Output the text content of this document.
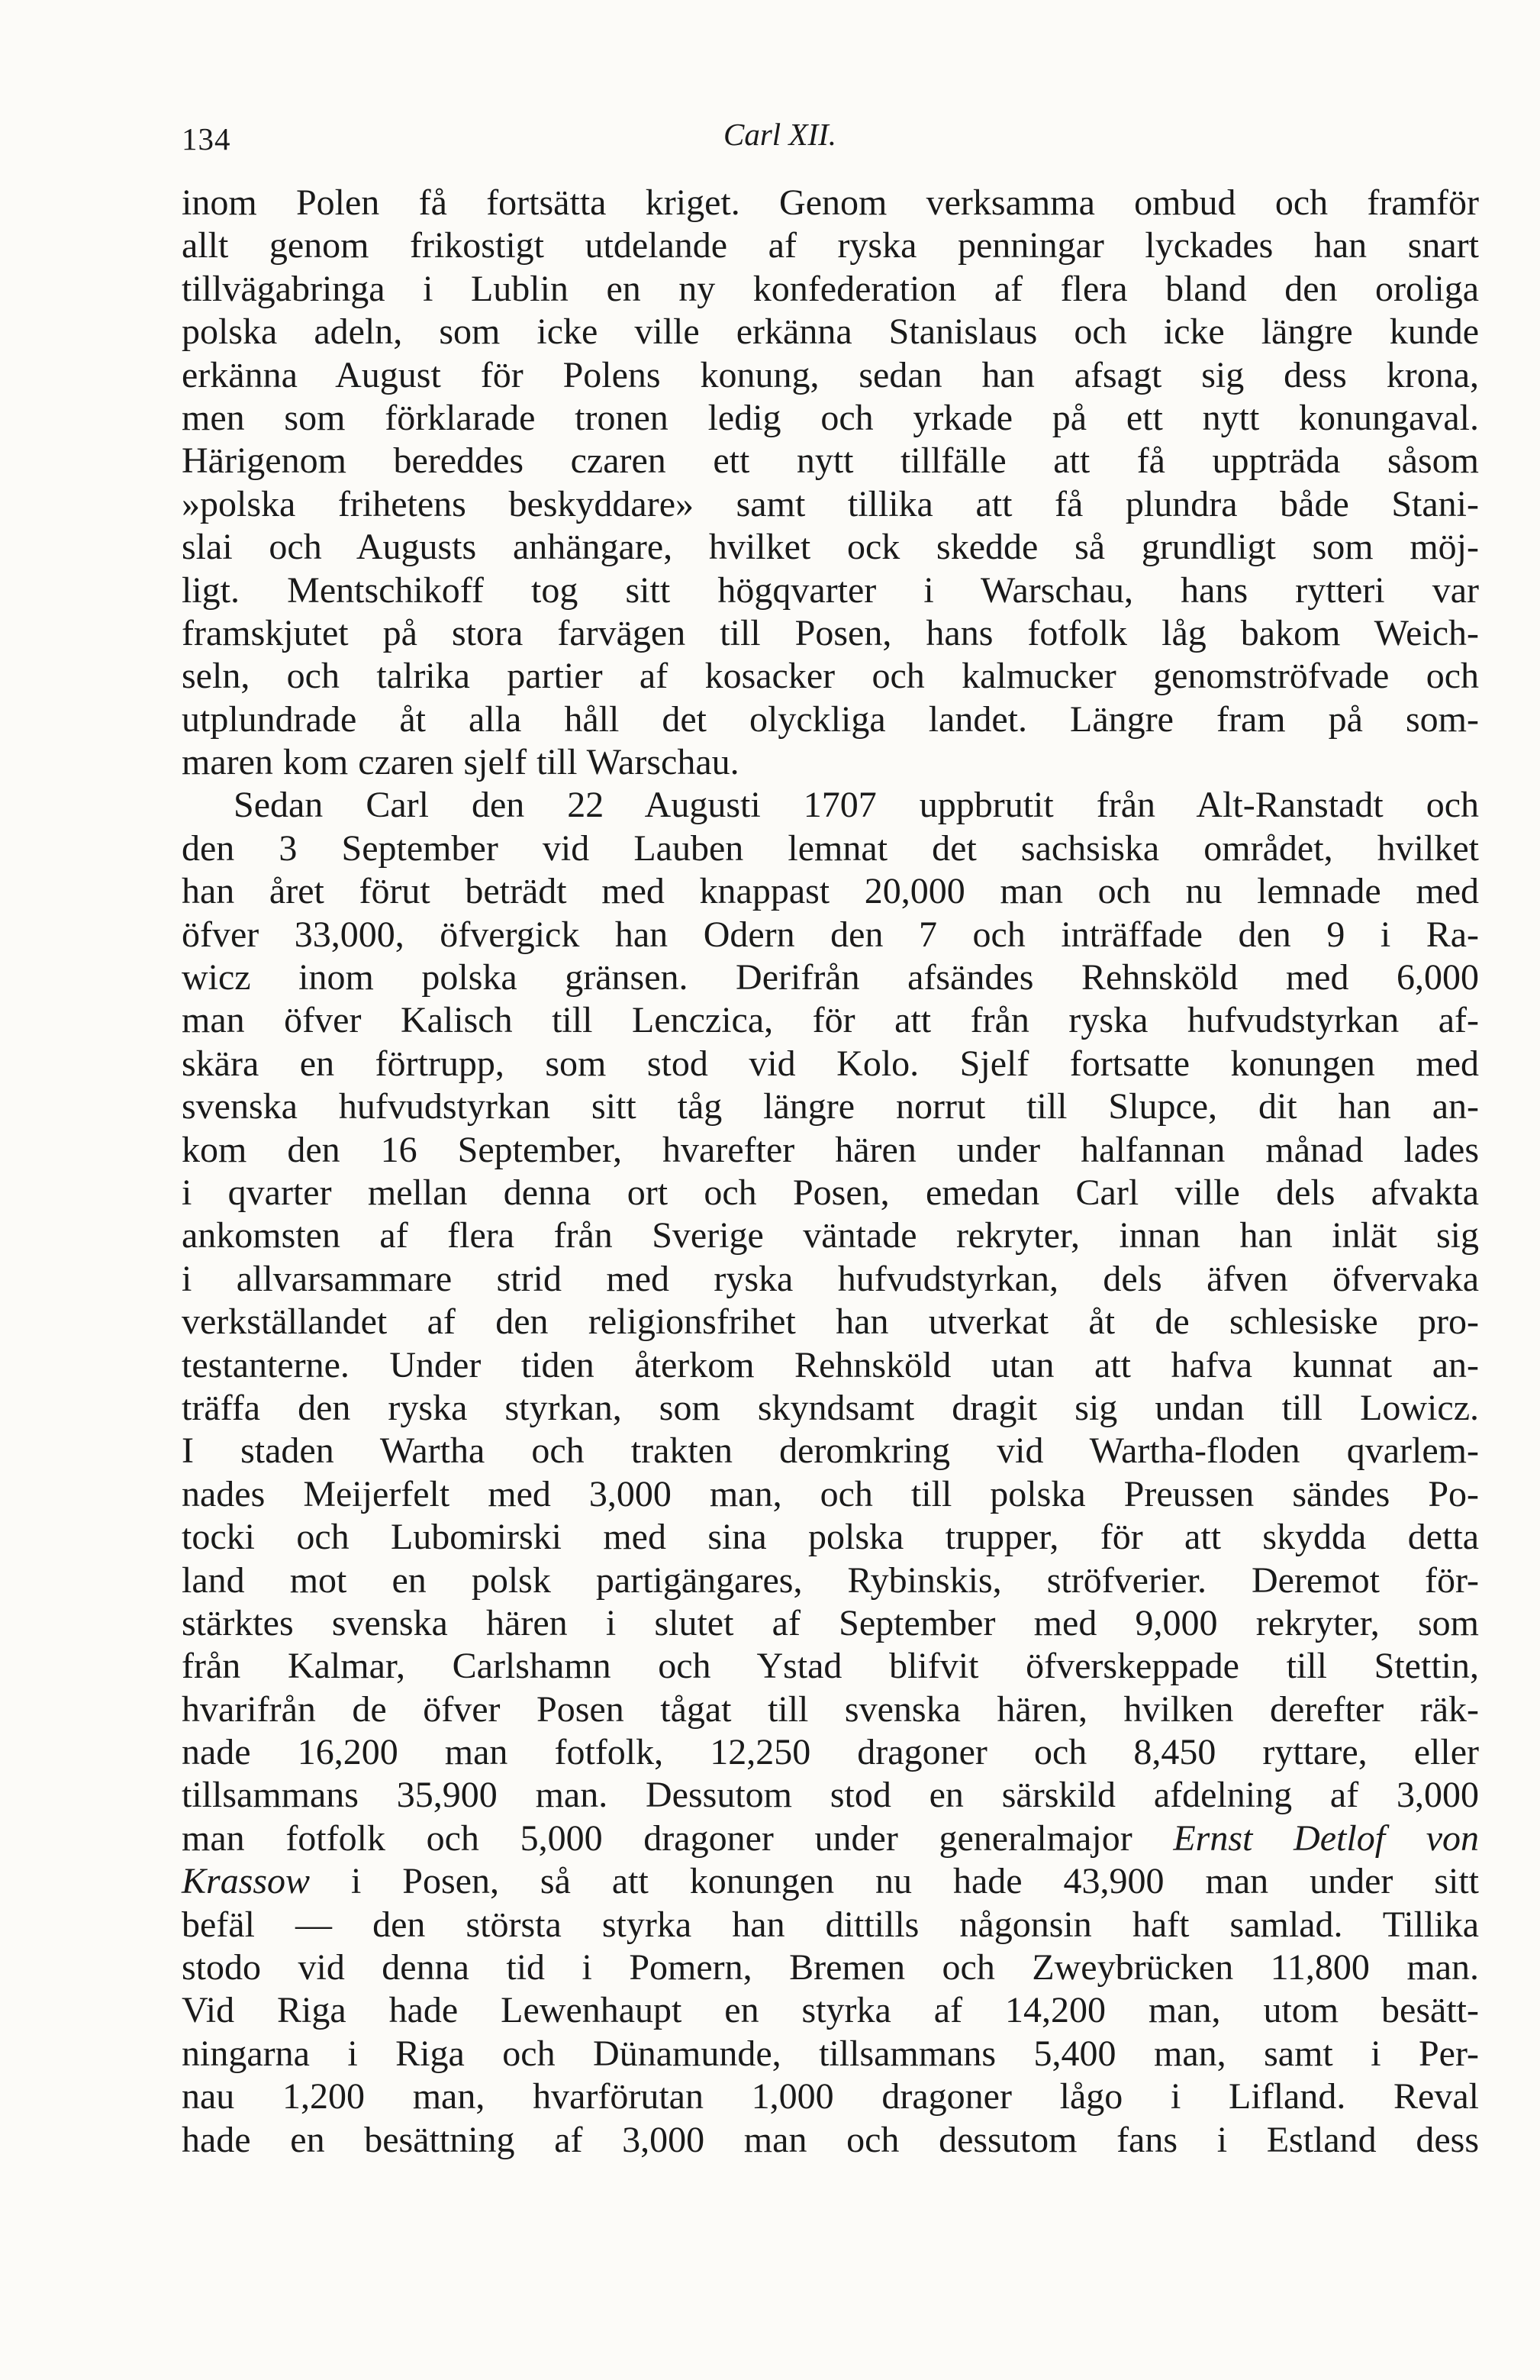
134	Carl XII.
inom Polen få fortsätta kriget. Genom verksamma ombud och framför
allt genom frikostigt utdelande af ryska penningar lyckades han snart
tillvägabringa i Lublin en ny konfederation af flera bland den oroliga
polska adeln, som icke ville erkänna Stanislaus och icke längre kunde
erkänna August för Polens konung, sedan han afsagt sig dess krona,
men som förklarade tronen ledig och yrkade på ett nytt konungaval.
Härigenom bereddes czaren ett nytt tillfälle att få uppträda såsom
»polska frihetens beskyddare» samt tillika att få plundra både Stani-
slai och Augusts anhängare, hvilket ock skedde så grundligt som möj-
ligt. Mentschikoff tog sitt högqvarter i Warschau, hans rytteri var
framskjutet på stora farvägen till Posen, hans fotfolk låg bakom Weich-
seln, och talrika partier af kosacker och kalmucker genomströfvade och
utplundrade åt alla håll det olyckliga landet. Längre fram på som-
maren kom czaren sjelf till Warschau.
Sedan Carl den 22 Augusti 1707 uppbrutit från Alt-Ranstadt och
den 3 September vid Lauben lemnat det sachsiska området, hvilket
han året förut beträdt med knappast 20,000 man och nu lemnade med
öfver 33,000, öfvergick han Odern den 7 och inträffade den 9 i Ra-
wicz inom polska gränsen. Derifrån afsändes Rehnsköld med 6,000
man öfver Kalisch till Lenczica, för att från ryska hufvudstyrkan af-
skära en förtrupp, som stod vid Kolo. Sjelf fortsatte konungen med
svenska hufvudstyrkan sitt tåg längre norrut till Slupce, dit han an-
kom den 16 September, hvarefter hären under halfannan månad lades
i qvarter mellan denna ort och Posen, emedan Carl ville dels afvakta
ankomsten af flera från Sverige väntade rekryter, innan han inlät sig
i allvarsammare strid med ryska hufvudstyrkan, dels äfven öfvervaka
verkställandet af den religionsfrihet han utverkat åt de schlesiske pro-
testanterne. Under tiden återkom Rehnsköld utan att hafva kunnat an-
träffa den ryska styrkan, som skyndsamt dragit sig undan till Lowicz.
I staden Wartha och trakten deromkring vid Wartha-floden qvarlem-
nades Meijerfelt med 3,000 man, och till polska Preussen sändes Po-
tocki och Lubomirski med sina polska trupper, för att skydda detta
land mot en polsk partigängares, Rybinskis, ströfverier. Deremot för-
stärktes svenska hären i slutet af September med 9,000 rekryter, som
från Kalmar, Carlshamn och Ystad blifvit öfverskeppade till Stettin,
hvarifrån de öfver Posen tågat till svenska hären, hvilken derefter räk-
nade 16,200 man fotfolk, 12,250 dragoner och 8,450 ryttare, eller
tillsammans 35,900 man. Dessutom stod en särskild afdelning af 3,000
man fotfolk och 5,000 dragoner under generalmajor Ernst Detlof von
Krassow i Posen, så att konungen nu hade 43,900 man under sitt
befäl — den största styrka han dittills någonsin haft samlad. Tillika
stodo vid denna tid i Pomern, Bremen och Zweybrücken 11,800 man.
Vid Riga hade Lewenhaupt en styrka af 14,200 man, utom besätt-
ningarna i Riga och Dünamunde, tillsammans 5,400 man, samt i Per-
nau 1,200 man, hvarförutan 1,000 dragoner lågo i Lifland. Reval
hade en besättning af 3,000 man och dessutom fans i Estland dess
